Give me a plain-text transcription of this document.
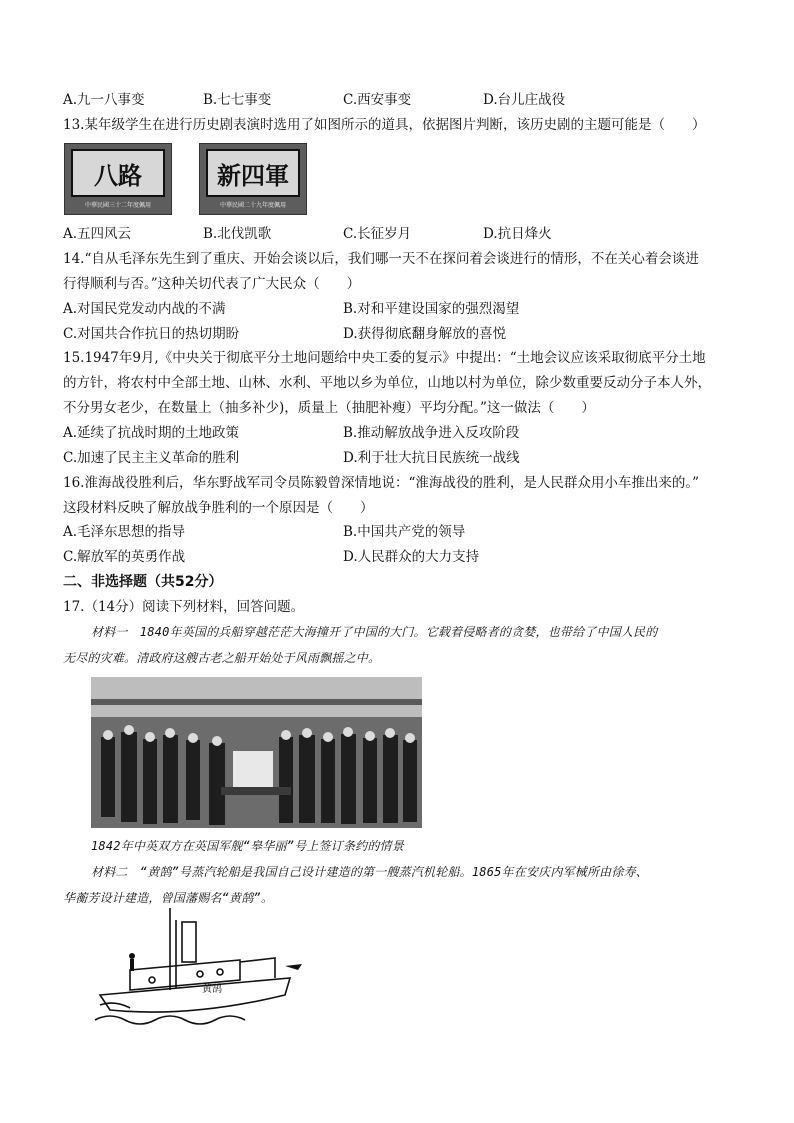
A.九一八事变	B.七七事变	C.西安事变	D.台儿庄战役
13.某年级学生在进行历史剧表演时选用了如图所示的道具，依据图片判断，该历史剧的主题可能是（　　）
八路
中華民國三十二年度佩用
新四軍
中華民國二十九年度佩用
A.五四风云	B.北伐凯歌	C.长征岁月	D.抗日烽火
14.“自从毛泽东先生到了重庆、开始会谈以后，我们哪一天不在探问着会谈进行的情形，不在关心着会谈进
行得顺利与否。”这种关切代表了广大民众（　　）
A.对国民党发动内战的不满	B.对和平建设国家的强烈渴望
C.对国共合作抗日的热切期盼	D.获得彻底翻身解放的喜悦
15.1947年9月,《中央关于彻底平分土地问题给中央工委的复示》中提出：“土地会议应该采取彻底平分土地
的方针，将农村中全部土地、山林、水利、平地以乡为单位，山地以村为单位，除少数重要反动分子本人外，
不分男女老少，在数量上（抽多补少)，质量上（抽肥补瘦）平均分配。”这一做法（　　）
A.延续了抗战时期的土地政策	B.推动解放战争进入反攻阶段
C.加速了民主主义革命的胜利	D.利于壮大抗日民族统一战线
16.淮海战役胜利后，华东野战军司令员陈毅曾深情地说：“淮海战役的胜利，是人民群众用小车推出来的。”
这段材料反映了解放战争胜利的一个原因是（　　）
A.毛泽东思想的指导	B.中国共产党的领导
C.解放军的英勇作战	D.人民群众的大力支持
二、非选择题（共52分）
17.（14分）阅读下列材料，回答问题。
材料一　1840年英国的兵船穿越茫茫大海撞开了中国的大门。它载着侵略者的贪婪，也带给了中国人民的
无尽的灾难。清政府这艘古老之船开始处于风雨飘摇之中。
1842年中英双方在英国军舰“皋华丽”号上签订条约的情景
材料二　“黄鹄”号蒸汽轮船是我国自己设计建造的第一艘蒸汽机轮船。1865年在安庆内军械所由徐寿、
华蘅芳设计建造，曾国藩赐名“黄鹄”。
黄鹄
